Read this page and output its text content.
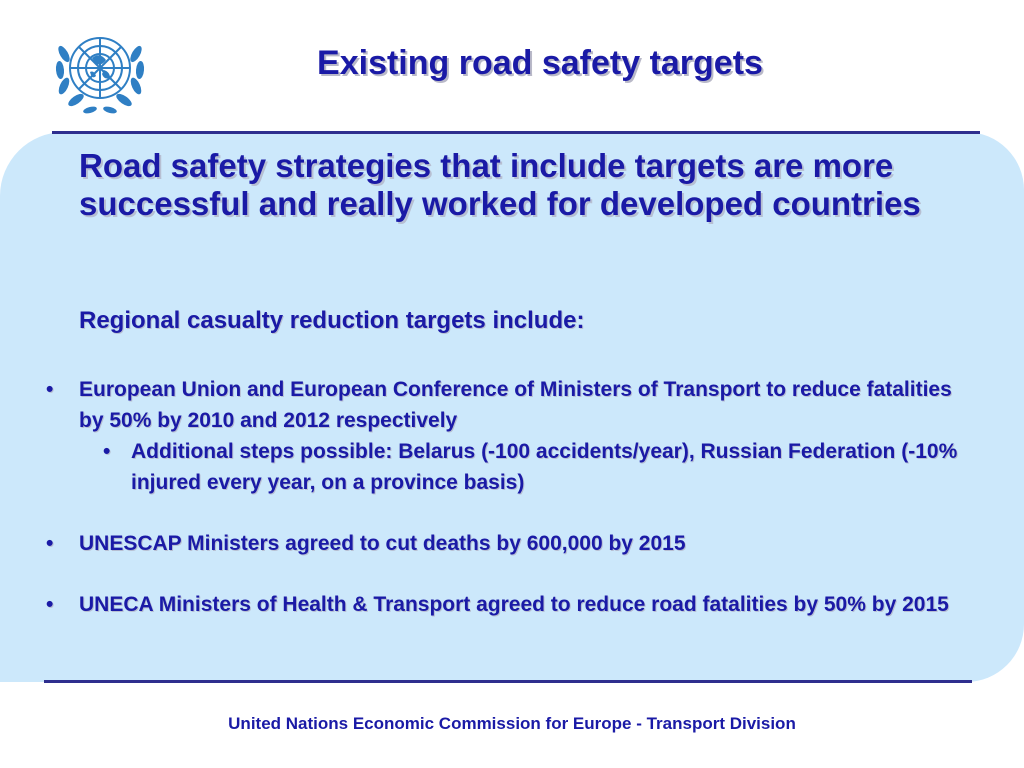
Existing road safety targets
Road safety strategies that include targets are more successful and really worked for developed countries
Regional casualty reduction targets include:
• European Union and European Conference of Ministers of Transport to reduce fatalities by 50% by 2010 and 2012 respectively
• Additional steps possible: Belarus (-100 accidents/year), Russian Federation (-10% injured every year, on a province basis)
• UNESCAP Ministers agreed to cut deaths by 600,000 by 2015
• UNECA Ministers of Health & Transport agreed to reduce road fatalities by 50% by 2015
United Nations Economic Commission for Europe - Transport Division
